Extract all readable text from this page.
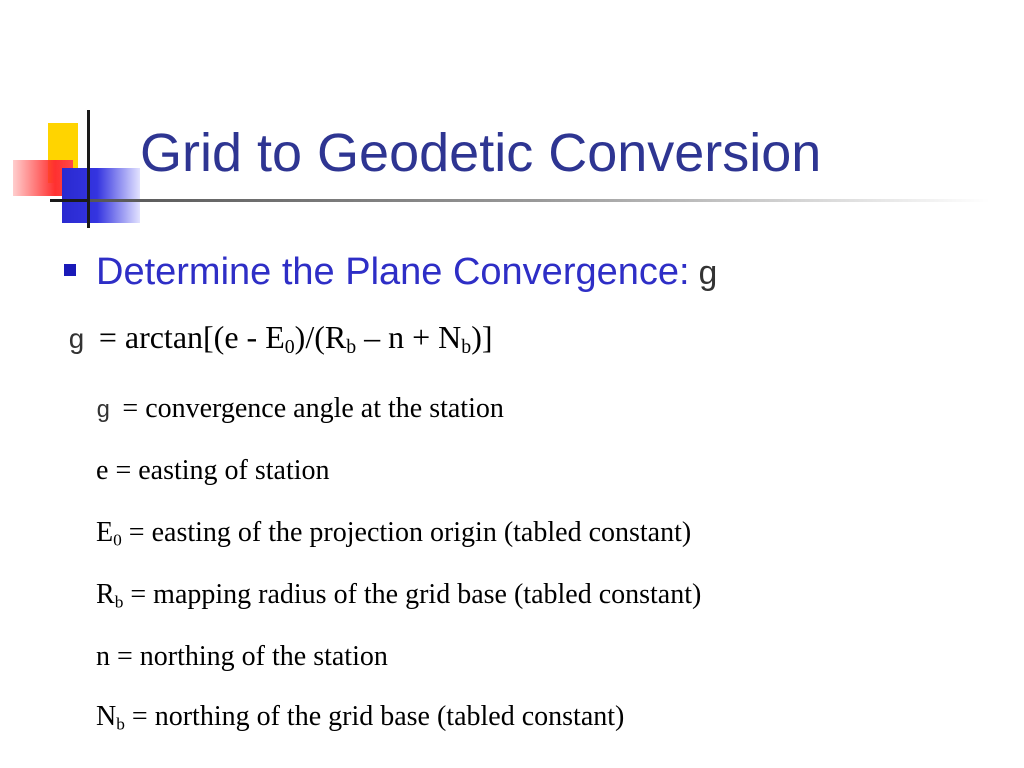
Grid to Geodetic Conversion
Determine the Plane Convergence: g
$g = \arctan[(e - E_0)/(R_b - n + N_b)]$
g = convergence angle at the station
e = easting of station
$E_0$ = easting of the projection origin (tabled constant)
$R_b$ = mapping radius of the grid base (tabled constant)
n = northing of the station
$N_b$ = northing of the grid base (tabled constant)
